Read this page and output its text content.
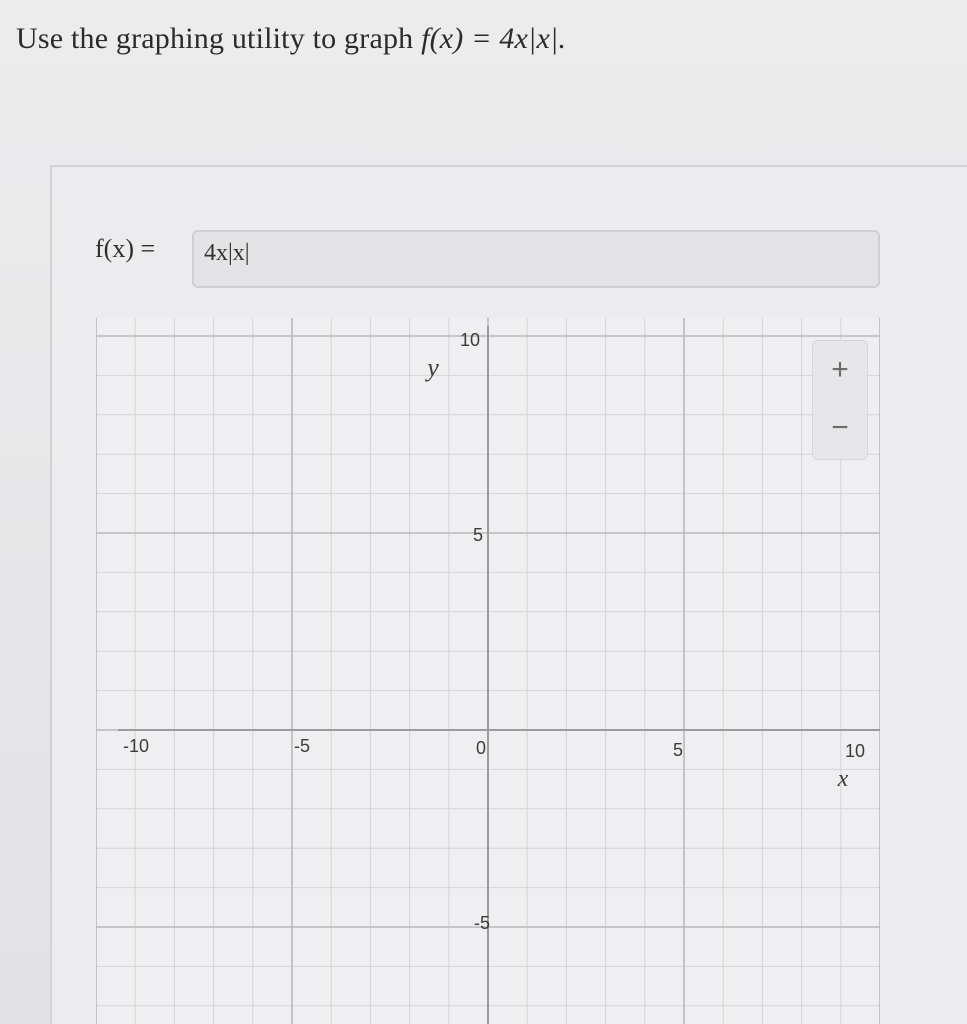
Use the graphing utility to graph f(x) = 4x|x|.
f(x) =	4x|x|
-10	-5	0	5	10
10
5
-5
y
x
+
−
